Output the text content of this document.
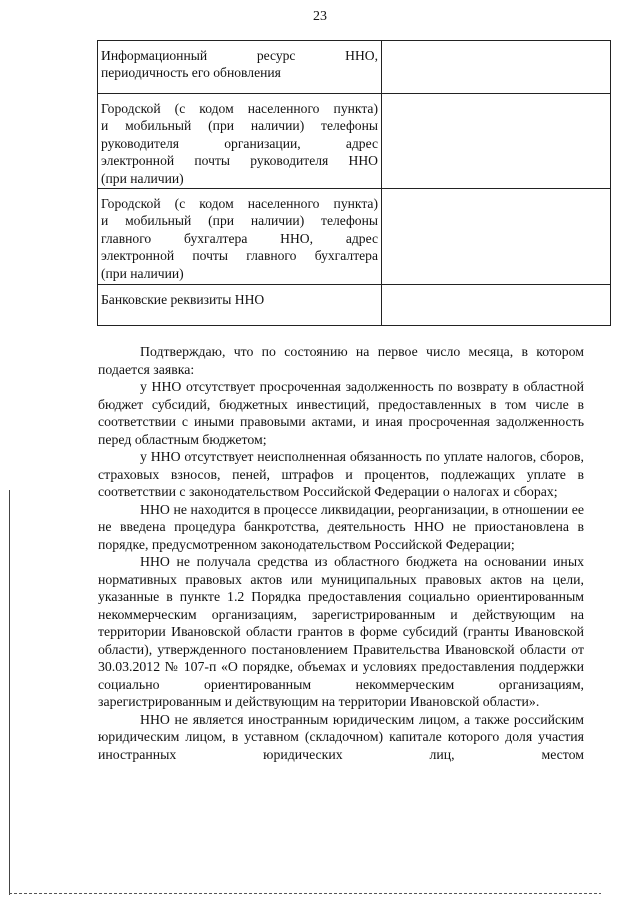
23
Информационный ресурс ННО,
периодичность его обновления	

Городской (с кодом населенного пункта)
и мобильный (при наличии) телефоны
руководителя организации, адрес
электронной почты руководителя ННО
(при наличии)	

Городской (с кодом населенного пункта)
и мобильный (при наличии) телефоны
главного бухгалтера ННО, адрес
электронной почты главного бухгалтера
(при наличии)	

Банковские реквизиты ННО	

Подтверждаю, что по состоянию на первое число месяца, в котором подается заявка:

у ННО отсутствует просроченная задолженность по возврату в областной бюджет субсидий, бюджетных инвестиций, предоставленных в том числе в соответствии с иными правовыми актами, и иная просроченная задолженность перед областным бюджетом;

у ННО отсутствует неисполненная обязанность по уплате налогов, сборов, страховых взносов, пеней, штрафов и процентов, подлежащих уплате в соответствии с законодательством Российской Федерации о налогах и сборах;

ННО не находится в процессе ликвидации, реорганизации, в отношении ее не введена процедура банкротства, деятельность ННО не приостановлена в порядке, предусмотренном законодательством Российской Федерации;

ННО не получала средства из областного бюджета на основании иных нормативных правовых актов или муниципальных правовых актов на цели, указанные в пункте 1.2 Порядка предоставления социально ориентированным некоммерческим организациям, зарегистрированным и действующим на территории Ивановской области грантов в форме субсидий (гранты Ивановской области), утвержденного постановлением Правительства Ивановской области от 30.03.2012 № 107-п «О порядке, объемах и условиях предоставления поддержки социально ориентированным некоммерческим организациям, зарегистрированным и действующим на территории Ивановской области».

ННО не является иностранным юридическим лицом, а также российским юридическим лицом, в уставном (складочном) капитале которого доля участия иностранных юридических лиц, местом
